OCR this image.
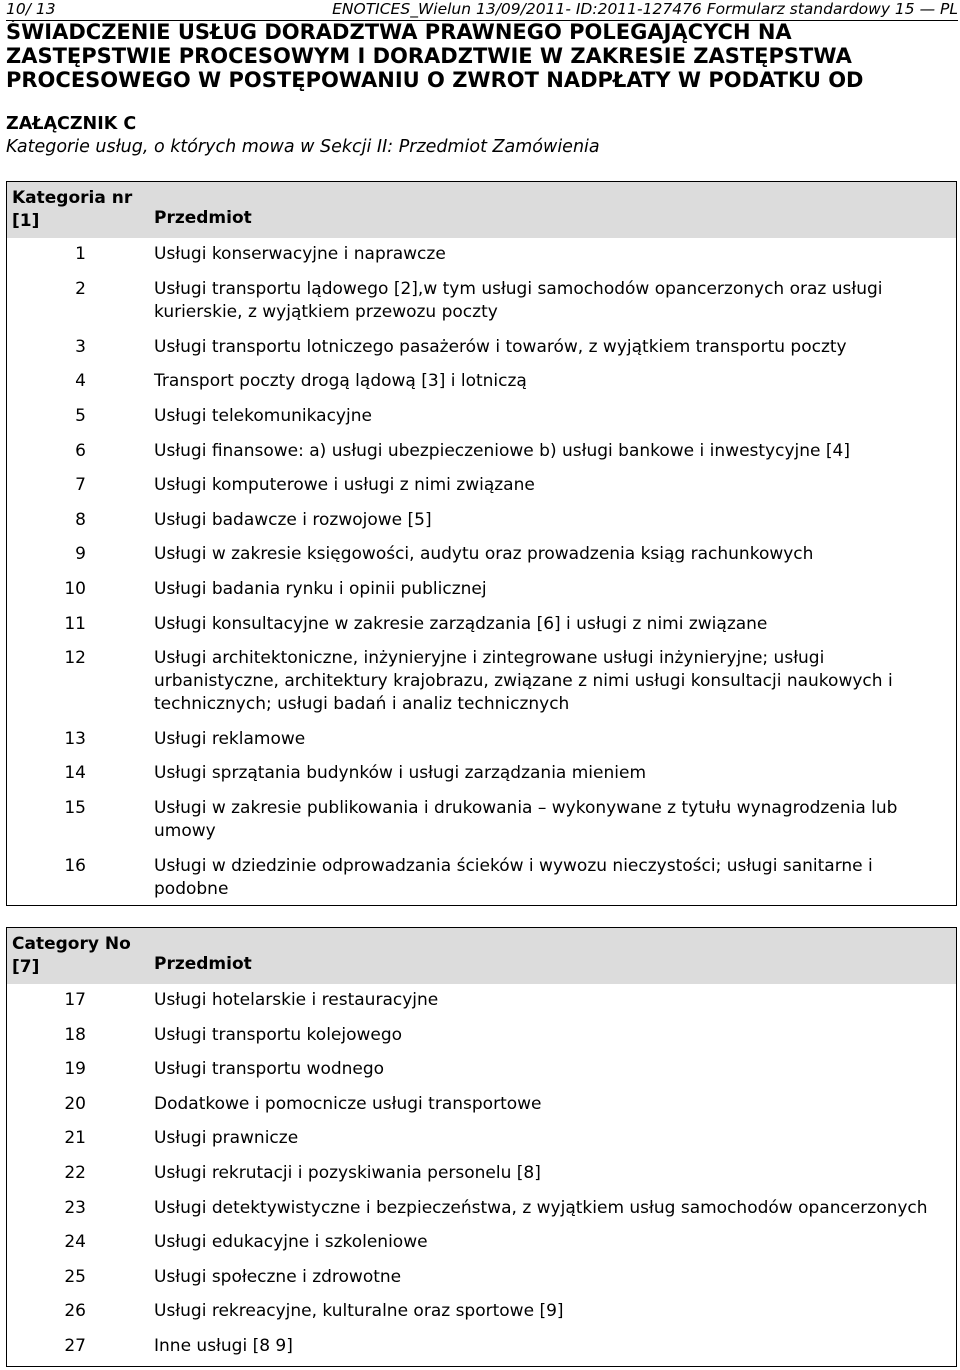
10/ 13	ENOTICES_Wielun 13/09/2011- ID:2011-127476 Formularz standardowy 15 — PL
ŚWIADCZENIE USŁUG DORADZTWA PRAWNEGO POLEGAJĄCYCH NA ZASTĘPSTWIE PROCESOWYM I DORADZTWIE W ZAKRESIE ZASTĘPSTWA PROCESOWEGO W POSTĘPOWANIU O ZWROT NADPŁATY W PODATKU OD
ZAŁĄCZNIK C
Kategorie usług, o których mowa w Sekcji II: Przedmiot Zamówienia
Kategoria nr
[1]	Przedmiot
1	Usługi konserwacyjne i naprawcze
2	Usługi transportu lądowego [2],w tym usługi samochodów opancerzonych oraz usługi kurierskie, z wyjątkiem przewozu poczty
3	Usługi transportu lotniczego pasażerów i towarów, z wyjątkiem transportu poczty
4	Transport poczty drogą lądową [3] i lotniczą
5	Usługi telekomunikacyjne
6	Usługi finansowe: a) usługi ubezpieczeniowe b) usługi bankowe i inwestycyjne [4]
7	Usługi komputerowe i usługi z nimi związane
8	Usługi badawcze i rozwojowe [5]
9	Usługi w zakresie księgowości, audytu oraz prowadzenia ksiąg rachunkowych
10	Usługi badania rynku i opinii publicznej
11	Usługi konsultacyjne w zakresie zarządzania [6] i usługi z nimi związane
12	Usługi architektoniczne, inżynieryjne i zintegrowane usługi inżynieryjne; usługi urbanistyczne, architektury krajobrazu, związane z nimi usługi konsultacji naukowych i technicznych; usługi badań i analiz technicznych
13	Usługi reklamowe
14	Usługi sprzątania budynków i usługi zarządzania mieniem
15	Usługi w zakresie publikowania i drukowania – wykonywane z tytułu wynagrodzenia lub umowy
16	Usługi w dziedzinie odprowadzania ścieków i wywozu nieczystości; usługi sanitarne i podobne
Category No
[7]	Przedmiot
17	Usługi hotelarskie i restauracyjne
18	Usługi transportu kolejowego
19	Usługi transportu wodnego
20	Dodatkowe i pomocnicze usługi transportowe
21	Usługi prawnicze
22	Usługi rekrutacji i pozyskiwania personelu [8]
23	Usługi detektywistyczne i bezpieczeństwa, z wyjątkiem usług samochodów opancerzonych
24	Usługi edukacyjne i szkoleniowe
25	Usługi społeczne i zdrowotne
26	Usługi rekreacyjne, kulturalne oraz sportowe [9]
27	Inne usługi [8 9]
